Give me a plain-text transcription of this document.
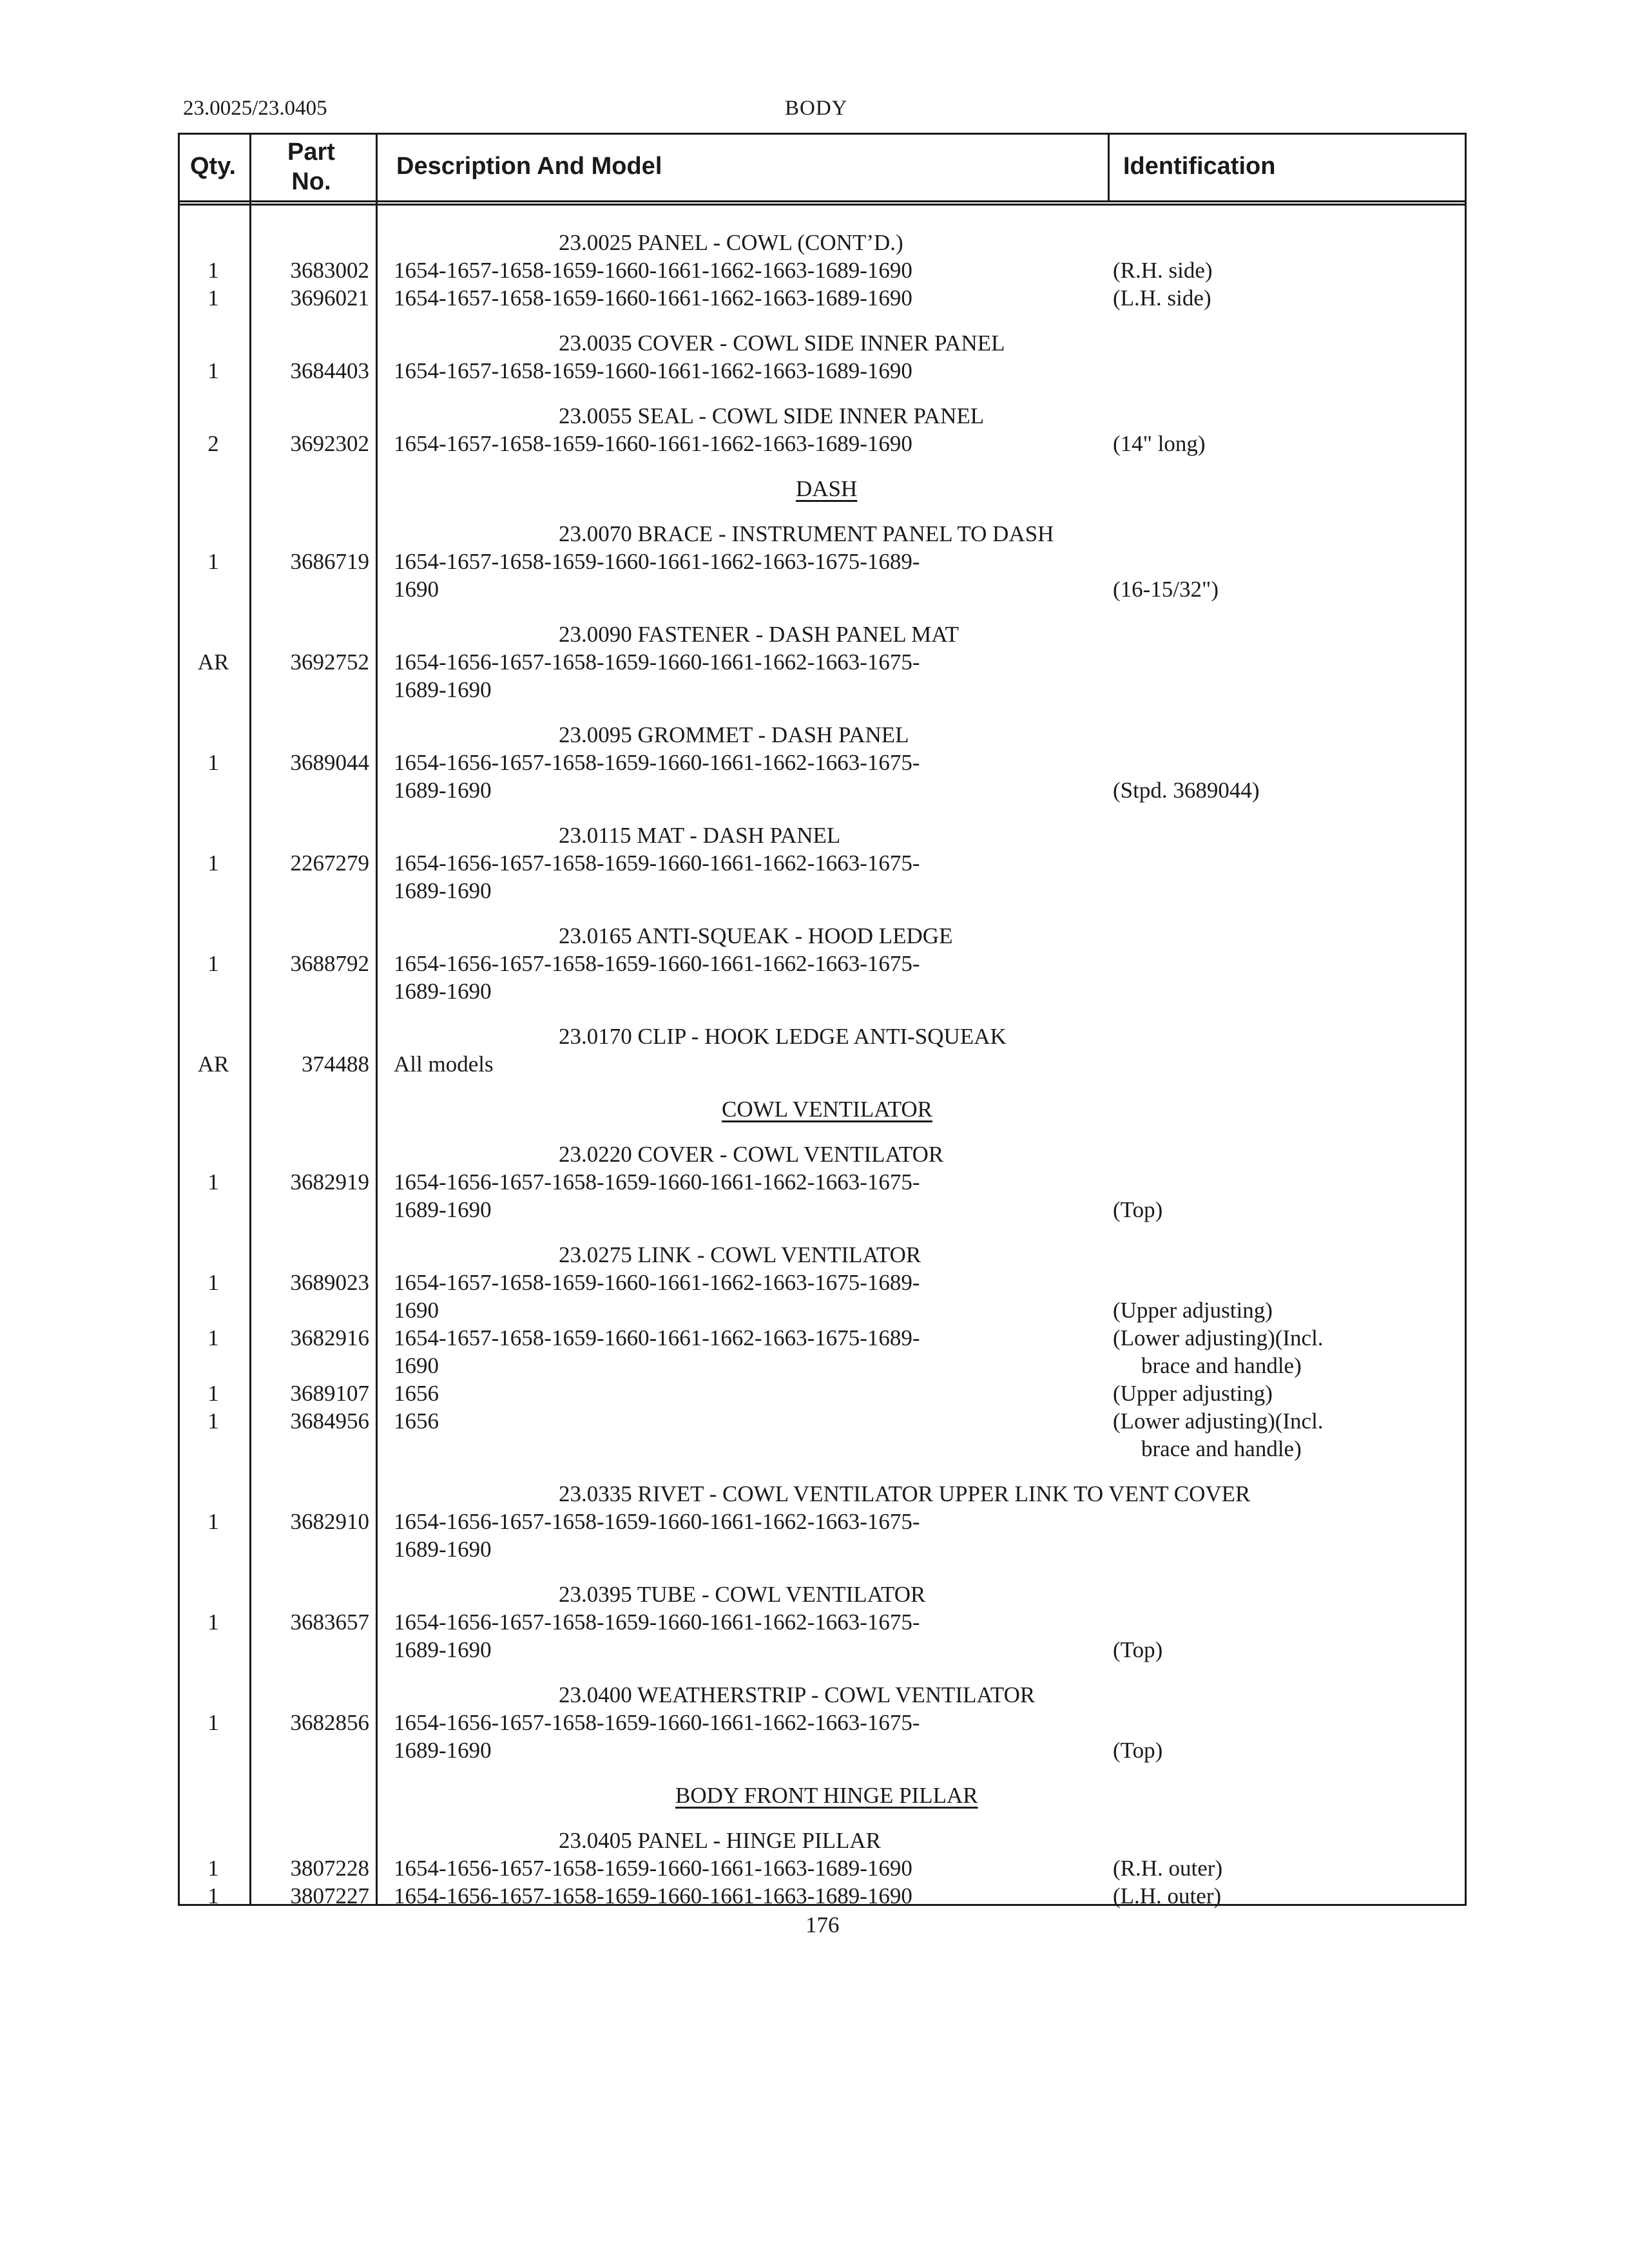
23.0025/23.0405	BODY
Qty.
Part
No.
Description And Model	Identification
23.0025 PANEL - COWL (CONT’D.)
1	3683002 1654-1657-1658-1659-1660-1661-1662-1663-1689-1690	(R.H. side)
1	3696021 1654-1657-1658-1659-1660-1661-1662-1663-1689-1690	(L.H. side)
23.0035 COVER - COWL SIDE INNER PANEL
1	3684403 1654-1657-1658-1659-1660-1661-1662-1663-1689-1690
23.0055 SEAL - COWL SIDE INNER PANEL
2	3692302 1654-1657-1658-1659-1660-1661-1662-1663-1689-1690	(14" long)
DASH
23.0070 BRACE - INSTRUMENT PANEL TO DASH
1	3686719 1654-1657-1658-1659-1660-1661-1662-1663-1675-1689-
1690	(16-15/32")
23.0090 FASTENER - DASH PANEL MAT
AR	3692752 1654-1656-1657-1658-1659-1660-1661-1662-1663-1675-
1689-1690
23.0095 GROMMET - DASH PANEL
1	3689044 1654-1656-1657-1658-1659-1660-1661-1662-1663-1675-
1689-1690	(Stpd. 3689044)
23.0115 MAT - DASH PANEL
1	2267279 1654-1656-1657-1658-1659-1660-1661-1662-1663-1675-
1689-1690
23.0165 ANTI-SQUEAK - HOOD LEDGE
1	3688792 1654-1656-1657-1658-1659-1660-1661-1662-1663-1675-
1689-1690
23.0170 CLIP - HOOK LEDGE ANTI-SQUEAK
AR	374488 All models
COWL VENTILATOR
23.0220 COVER - COWL VENTILATOR
1	3682919 1654-1656-1657-1658-1659-1660-1661-1662-1663-1675-
1689-1690	(Top)
23.0275 LINK - COWL VENTILATOR
1	3689023 1654-1657-1658-1659-1660-1661-1662-1663-1675-1689-
1690	(Upper adjusting)
1	3682916 1654-1657-1658-1659-1660-1661-1662-1663-1675-1689-	(Lower adjusting)(Incl.
1690	brace and handle)
1	3689107 1656	(Upper adjusting)
1	3684956 1656	(Lower adjusting)(Incl.
brace and handle)
23.0335 RIVET - COWL VENTILATOR UPPER LINK TO VENT COVER
1	3682910 1654-1656-1657-1658-1659-1660-1661-1662-1663-1675-
1689-1690
23.0395 TUBE - COWL VENTILATOR
1	3683657 1654-1656-1657-1658-1659-1660-1661-1662-1663-1675-
1689-1690	(Top)
23.0400 WEATHERSTRIP - COWL VENTILATOR
1	3682856 1654-1656-1657-1658-1659-1660-1661-1662-1663-1675-
1689-1690	(Top)
BODY FRONT HINGE PILLAR
23.0405 PANEL - HINGE PILLAR
1	3807228 1654-1656-1657-1658-1659-1660-1661-1663-1689-1690	(R.H. outer)
1	3807227 1654-1656-1657-1658-1659-1660-1661-1663-1689-1690	(L.H. outer)
176
